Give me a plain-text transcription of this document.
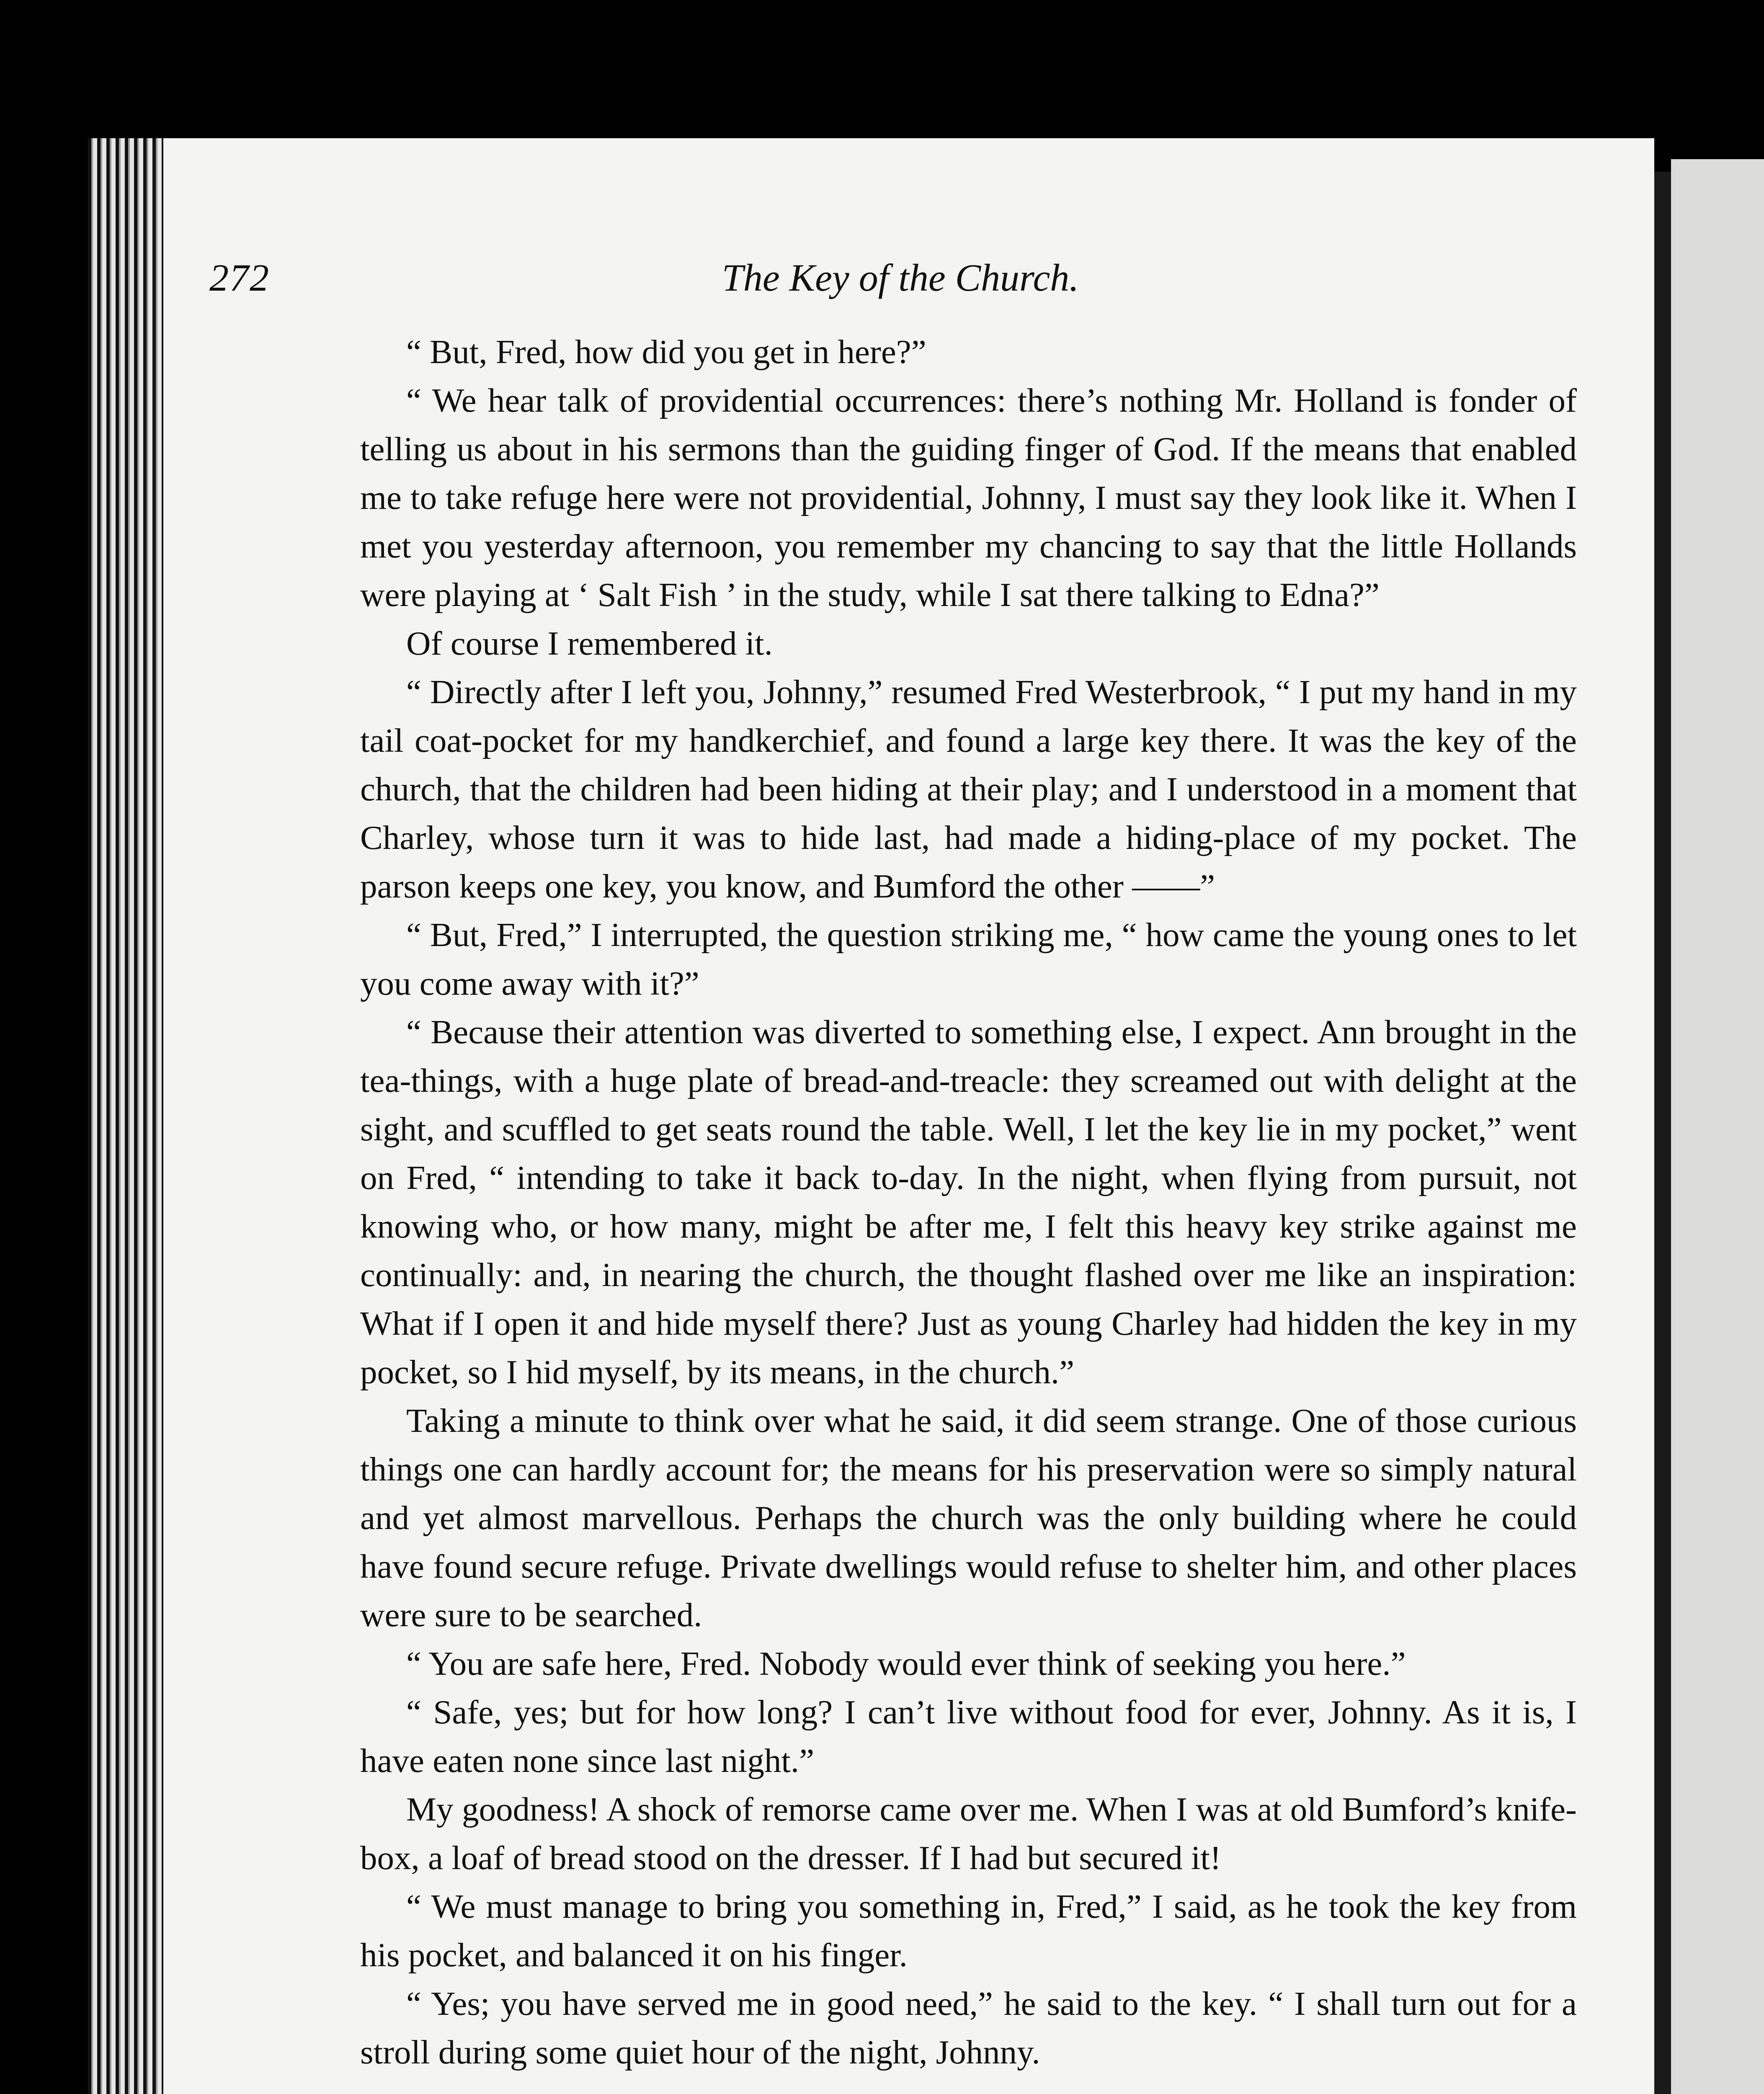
272	The Key of the Church.

“ But, Fred, how did you get in here?”

“ We hear talk of providential occurrences: there’s nothing Mr. Holland is fonder of telling us about in his sermons than the guiding finger of God. If the means that enabled me to take refuge here were not providential, Johnny, I must say they look like it. When I met you yesterday afternoon, you remember my chancing to say that the little Hollands were playing at ‘ Salt Fish ’ in the study, while I sat there talking to Edna?”

Of course I remembered it.

“ Directly after I left you, Johnny,” resumed Fred Westerbrook, “ I put my hand in my tail coat-pocket for my handkerchief, and found a large key there. It was the key of the church, that the children had been hiding at their play; and I understood in a moment that Charley, whose turn it was to hide last, had made a hiding-place of my pocket. The parson keeps one key, you know, and Bumford the other ——”

“ But, Fred,” I interrupted, the question striking me, “ how came the young ones to let you come away with it?”

“ Because their attention was diverted to something else, I expect. Ann brought in the tea-things, with a huge plate of bread-and-treacle: they screamed out with delight at the sight, and scuffled to get seats round the table. Well, I let the key lie in my pocket,” went on Fred, “ intending to take it back to-day. In the night, when flying from pursuit, not knowing who, or how many, might be after me, I felt this heavy key strike against me continually: and, in nearing the church, the thought flashed over me like an inspiration: What if I open it and hide myself there? Just as young Charley had hidden the key in my pocket, so I hid myself, by its means, in the church.”

Taking a minute to think over what he said, it did seem strange. One of those curious things one can hardly account for; the means for his preservation were so simply natural and yet almost marvellous. Perhaps the church was the only building where he could have found secure refuge. Private dwellings would refuse to shelter him, and other places were sure to be searched.

“ You are safe here, Fred. Nobody would ever think of seeking you here.”

“ Safe, yes; but for how long? I can’t live without food for ever, Johnny. As it is, I have eaten none since last night.”

My goodness! A shock of remorse came over me. When I was at old Bumford’s knife-box, a loaf of bread stood on the dresser. If I had but secured it!

“ We must manage to bring you something in, Fred,” I said, as he took the key from his pocket, and balanced it on his finger.

“ Yes; you have served me in good need,” he said to the key. “ I shall turn out for a stroll during some quiet hour of the night, Johnny.
